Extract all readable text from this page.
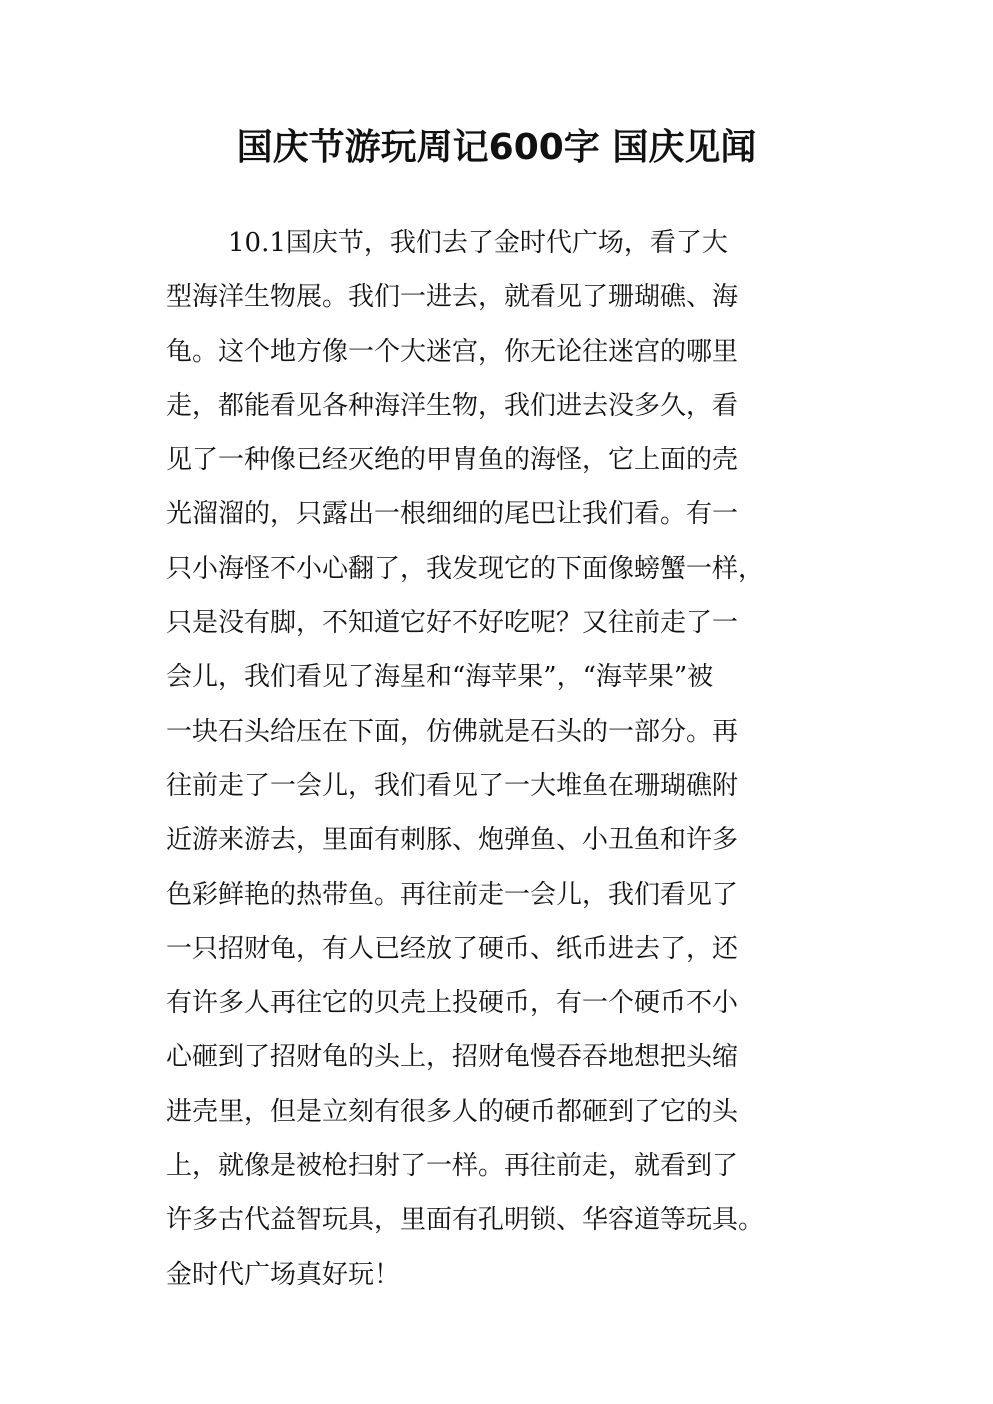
国庆节游玩周记600字 国庆见闻
10.1国庆节，我们去了金时代广场，看了大
型海洋生物展。我们一进去，就看见了珊瑚礁、海
龟。这个地方像一个大迷宫，你无论往迷宫的哪里
走，都能看见各种海洋生物，我们进去没多久，看
见了一种像已经灭绝的甲胄鱼的海怪，它上面的壳
光溜溜的，只露出一根细细的尾巴让我们看。有一
只小海怪不小心翻了，我发现它的下面像螃蟹一样，
只是没有脚，不知道它好不好吃呢？又往前走了一
会儿，我们看见了海星和“海苹果”，“海苹果”被
一块石头给压在下面，仿佛就是石头的一部分。再
往前走了一会儿，我们看见了一大堆鱼在珊瑚礁附
近游来游去，里面有刺豚、炮弹鱼、小丑鱼和许多
色彩鲜艳的热带鱼。再往前走一会儿，我们看见了
一只招财龟，有人已经放了硬币、纸币进去了，还
有许多人再往它的贝壳上投硬币，有一个硬币不小
心砸到了招财龟的头上，招财龟慢吞吞地想把头缩
进壳里，但是立刻有很多人的硬币都砸到了它的头
上，就像是被枪扫射了一样。再往前走，就看到了
许多古代益智玩具，里面有孔明锁、华容道等玩具。
金时代广场真好玩！
